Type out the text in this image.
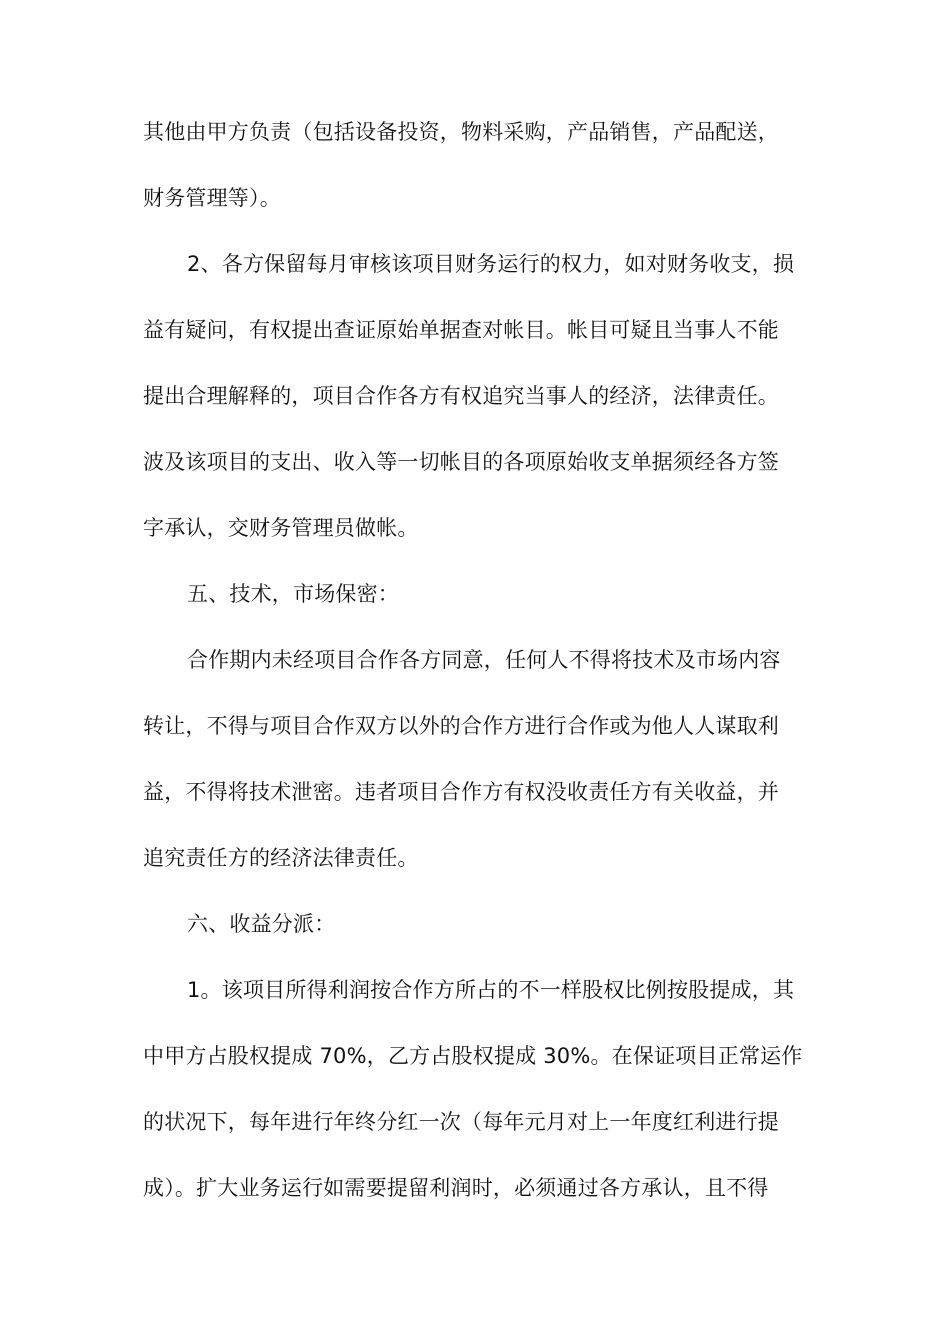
其他由甲方负责（包括设备投资，物料采购，产品销售，产品配送，
财务管理等）。

2、各方保留每月审核该项目财务运行的权力，如对财务收支，损
益有疑问，有权提出查证原始单据查对帐目。帐目可疑且当事人不能
提出合理解释的，项目合作各方有权追究当事人的经济，法律责任。
波及该项目的支出、收入等一切帐目的各项原始收支单据须经各方签
字承认，交财务管理员做帐。

五、技术，市场保密：

合作期内未经项目合作各方同意，任何人不得将技术及市场内容
转让，不得与项目合作双方以外的合作方进行合作或为他人人谋取利
益，不得将技术泄密。违者项目合作方有权没收责任方有关收益，并
追究责任方的经济法律责任。

六、收益分派：

1。该项目所得利润按合作方所占的不一样股权比例按股提成，其
中甲方占股权提成 70%，乙方占股权提成 30%。在保证项目正常运作
的状况下，每年进行年终分红一次（每年元月对上一年度红利进行提
成）。扩大业务运行如需要提留利润时，必须通过各方承认，且不得
